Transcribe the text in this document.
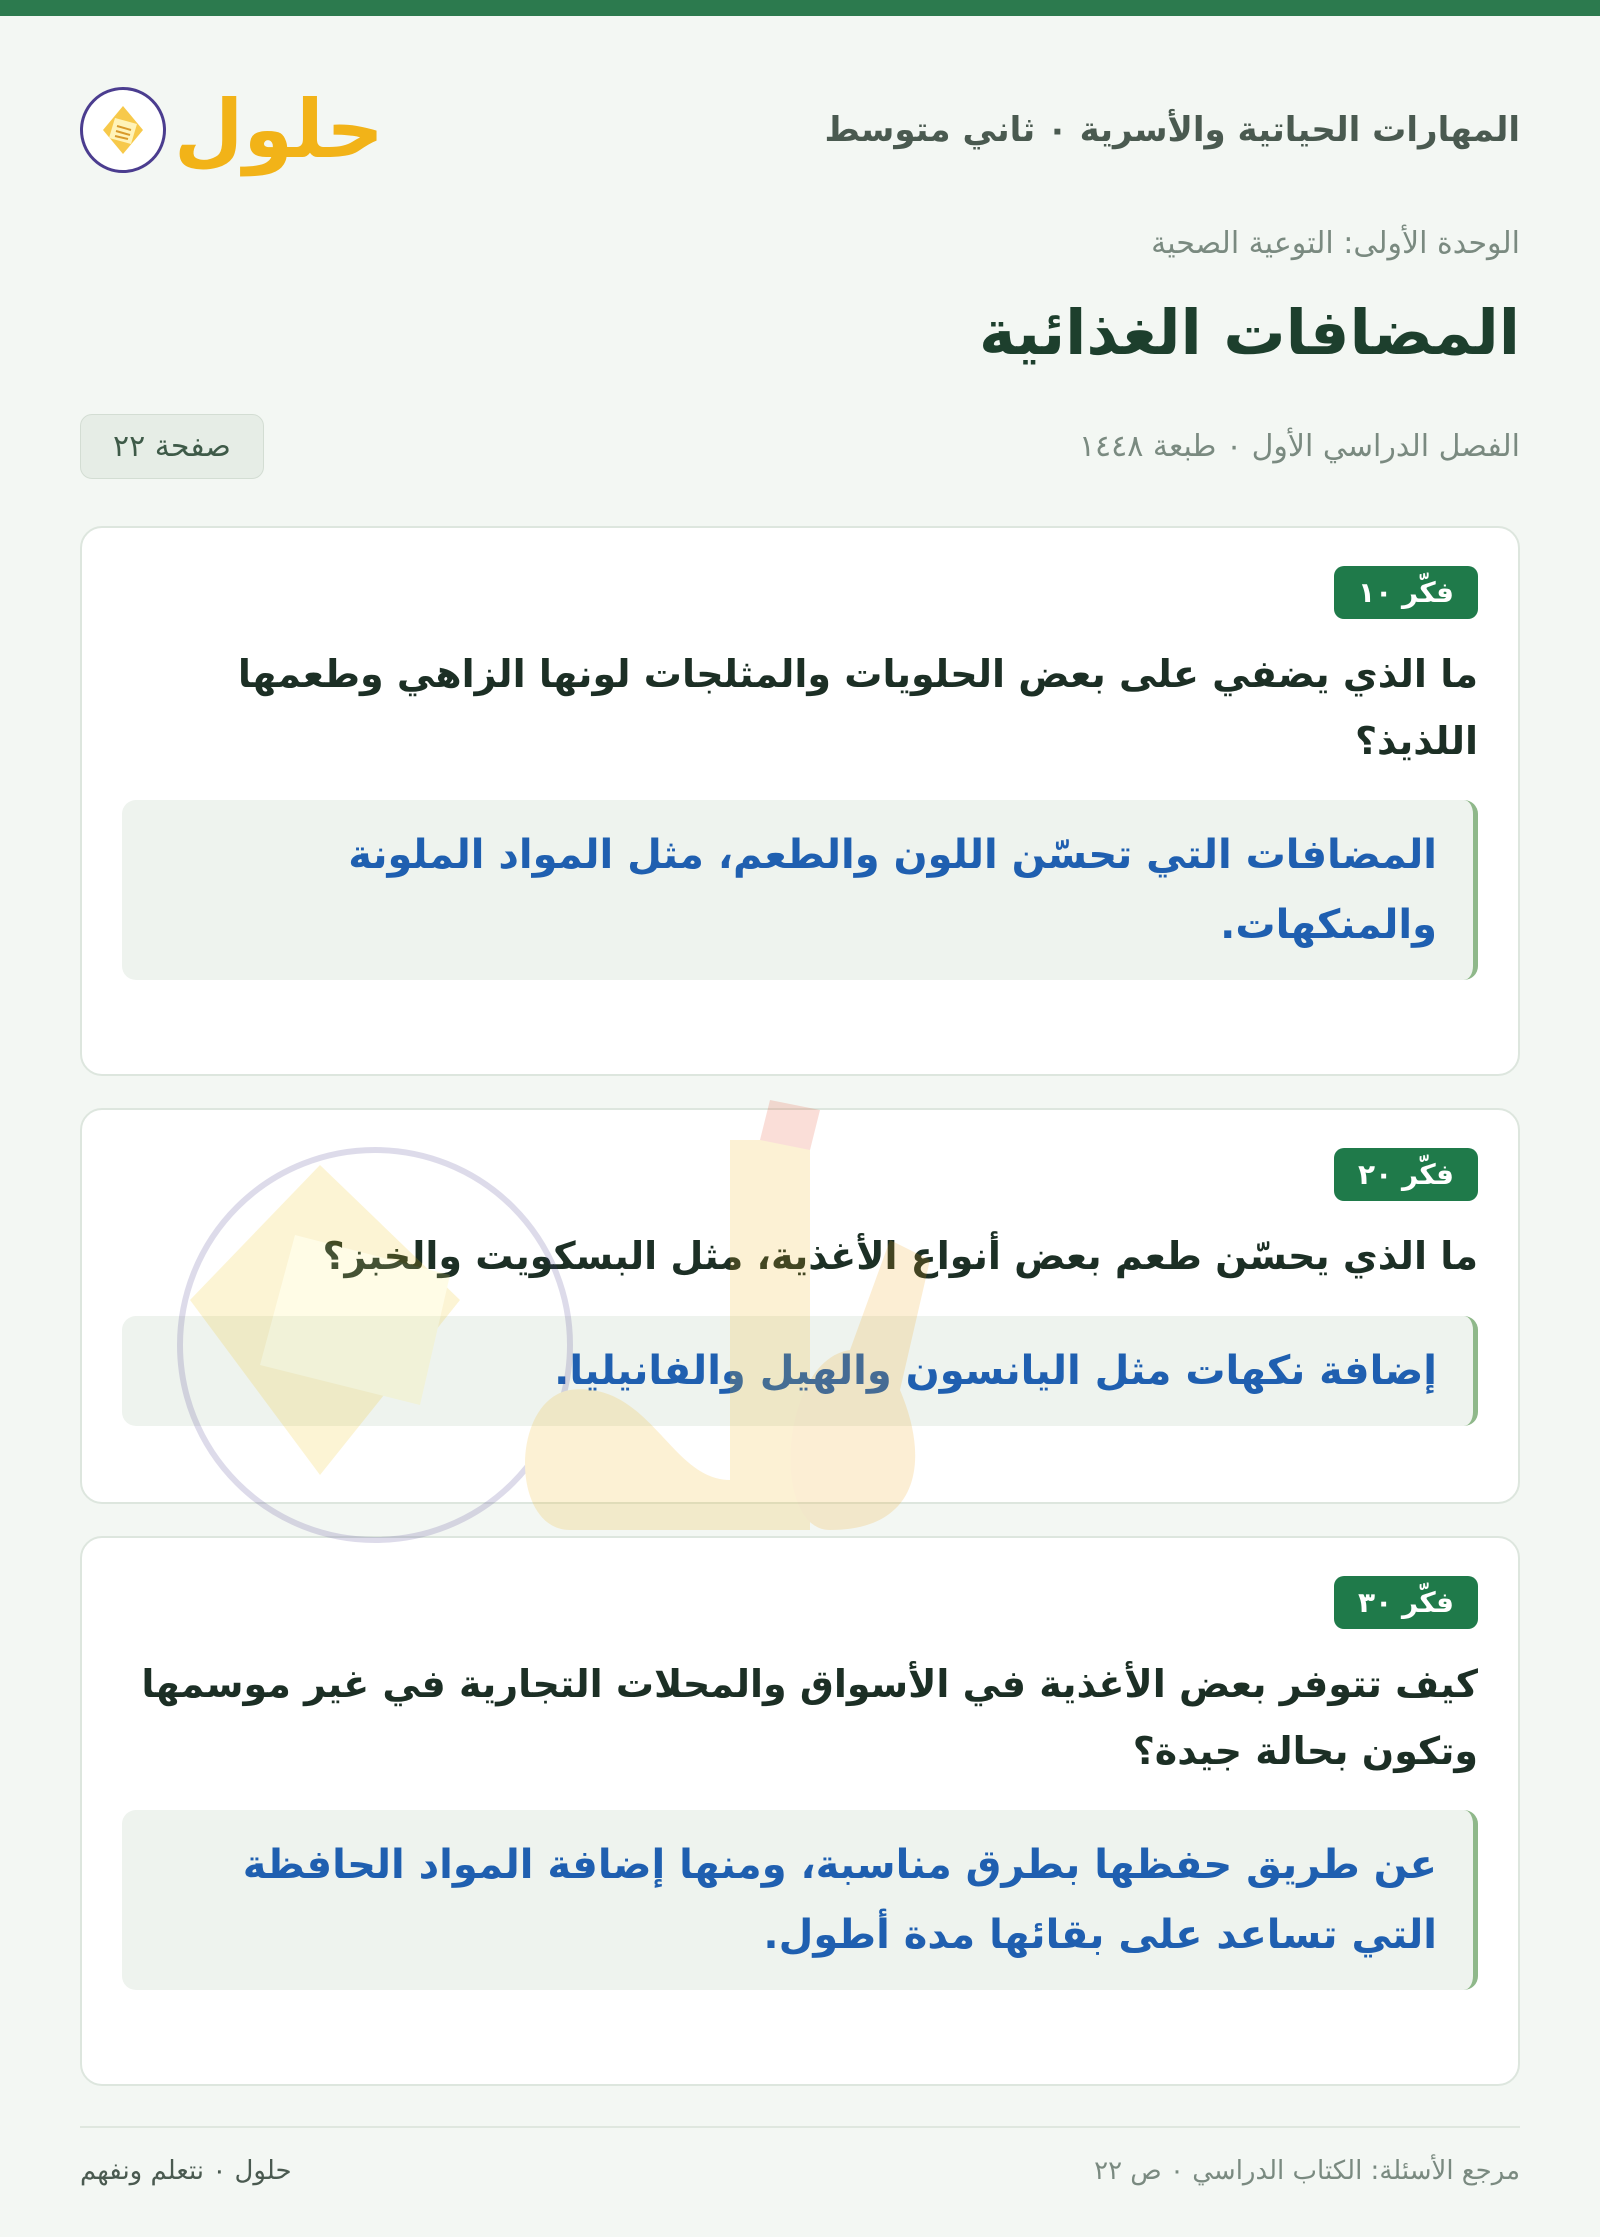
المهارات الحياتية والأسرية ٠ ثاني متوسط
حلول
الوحدة الأولى: التوعية الصحية
المضافات الغذائية
الفصل الدراسي الأول ٠ طبعة ١٤٤٨
صفحة ٢٢
فكّر ١٠
ما الذي يضفي على بعض الحلويات والمثلجات لونها الزاهي وطعمها اللذيذ؟
المضافات التي تحسّن اللون والطعم، مثل المواد الملونة والمنكهات.
فكّر ٢٠
ما الذي يحسّن طعم بعض أنواع الأغذية، مثل البسكويت والخبز؟
إضافة نكهات مثل اليانسون والهيل والفانيليا.
فكّر ٣٠
كيف تتوفر بعض الأغذية في الأسواق والمحلات التجارية في غير موسمها وتكون بحالة جيدة؟
عن طريق حفظها بطرق مناسبة، ومنها إضافة المواد الحافظة التي تساعد على بقائها مدة أطول.
مرجع الأسئلة: الكتاب الدراسي ٠ ص ٢٢
حلول ٠ نتعلم ونفهم
